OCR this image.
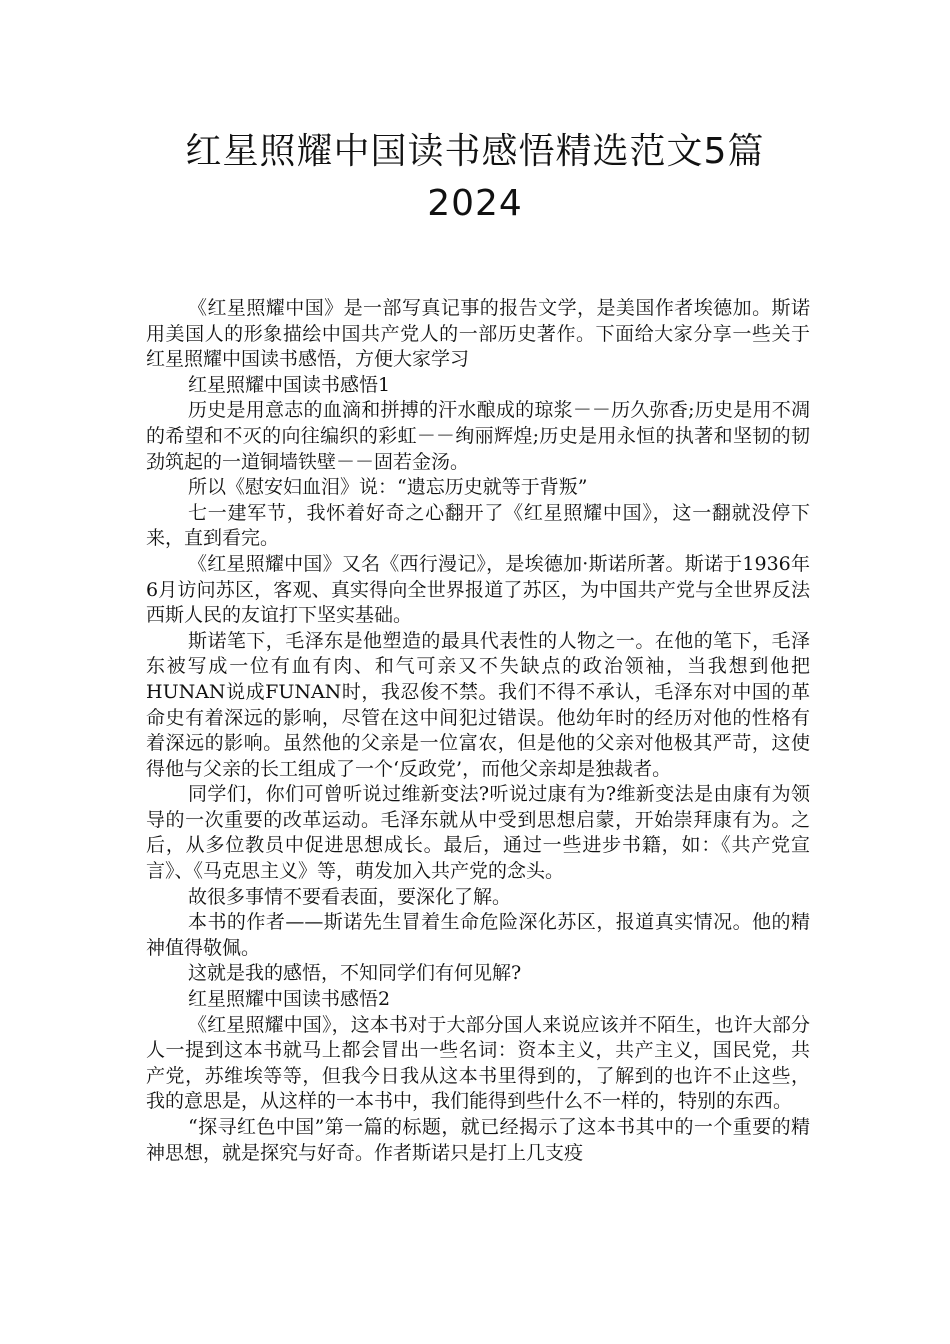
红星照耀中国读书感悟精选范文5篇
2024

《红星照耀中国》是一部写真记事的报告文学，是美国作者埃德加。斯诺用美国人的形象描绘中国共产党人的一部历史著作。下面给大家分享一些关于红星照耀中国读书感悟，方便大家学习

红星照耀中国读书感悟1

历史是用意志的血滴和拼搏的汗水酿成的琼浆－－历久弥香;历史是用不凋的希望和不灭的向往编织的彩虹－－绚丽辉煌;历史是用永恒的执著和坚韧的韧劲筑起的一道铜墙铁壁－－固若金汤。

所以《慰安妇血泪》说：“遗忘历史就等于背叛”

七一建军节，我怀着好奇之心翻开了《红星照耀中国》，这一翻就没停下来，直到看完。

《红星照耀中国》又名《西行漫记》，是埃德加·斯诺所著。斯诺于1936年6月访问苏区，客观、真实得向全世界报道了苏区，为中国共产党与全世界反法西斯人民的友谊打下坚实基础。

斯诺笔下，毛泽东是他塑造的最具代表性的人物之一。在他的笔下，毛泽东被写成一位有血有肉、和气可亲又不失缺点的政治领袖，当我想到他把HUNAN说成FUNAN时，我忍俊不禁。我们不得不承认，毛泽东对中国的革命史有着深远的影响，尽管在这中间犯过错误。他幼年时的经历对他的性格有着深远的影响。虽然他的父亲是一位富农，但是他的父亲对他极其严苛，这使得他与父亲的长工组成了一个‘反政党’，而他父亲却是独裁者。

同学们，你们可曾听说过维新变法?听说过康有为?维新变法是由康有为领导的一次重要的改革运动。毛泽东就从中受到思想启蒙，开始崇拜康有为。之后，从多位教员中促进思想成长。最后，通过一些进步书籍，如：《共产党宣言》、《马克思主义》等，萌发加入共产党的念头。

故很多事情不要看表面，要深化了解。

本书的作者——斯诺先生冒着生命危险深化苏区，报道真实情况。他的精神值得敬佩。

这就是我的感悟，不知同学们有何见解?

红星照耀中国读书感悟2

《红星照耀中国》，这本书对于大部分国人来说应该并不陌生，也许大部分人一提到这本书就马上都会冒出一些名词：资本主义，共产主义，国民党，共产党，苏维埃等等，但我今日我从这本书里得到的，了解到的也许不止这些，我的意思是，从这样的一本书中，我们能得到些什么不一样的，特别的东西。

“探寻红色中国”第一篇的标题，就已经揭示了这本书其中的一个重要的精神思想，就是探究与好奇。作者斯诺只是打上几支疫
